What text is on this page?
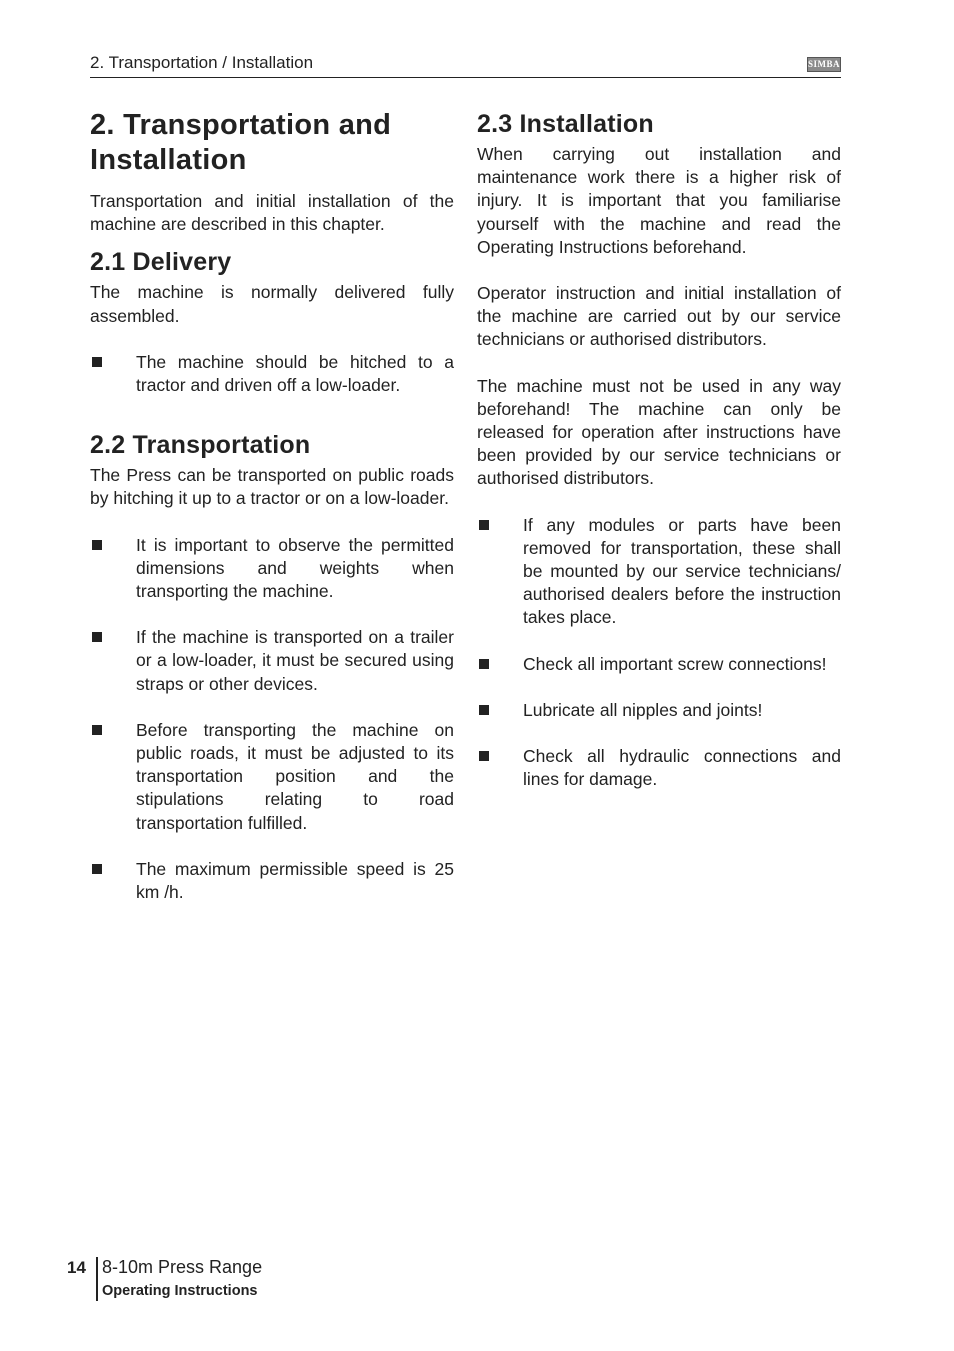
2. Transportation / Installation	SIMBA
2. Transportation and Installation

Transportation and initial installation of the machine are described in this chapter.

2.1 Delivery

The machine is normally delivered fully assembled.

The machine should be hitched to a tractor and driven off a low-loader.

2.2 Transportation

The Press can be transported on public roads by hitching it up to a tractor or on a low-loader.

It is important to observe the permitted dimensions and weights when transporting the machine.

If the machine is transported on a trailer or a low-loader, it must be secured using straps or other devices.

Before transporting the machine on public roads, it must be adjusted to its transportation position and the stipulations relating to road transportation fulfilled.

The maximum permissible speed is 25 km /h.

2.3 Installation

When carrying out installation and maintenance work there is a higher risk of injury. It is important that you familiarise yourself with the machine and read the Operating Instructions beforehand.

Operator instruction and initial installation of the machine are carried out by our service technicians or authorised distributors.

The machine must not be used in any way beforehand! The machine can only be released for operation after instructions have been provided by our service technicians or authorised distributors.

If any modules or parts have been removed for transportation, these shall be mounted by our service technicians/ authorised dealers before the instruction takes place.

Check all important screw connections!

Lubricate all nipples and joints!

Check all hydraulic connections and lines for damage.

14 8-10m Press Range
Operating Instructions
